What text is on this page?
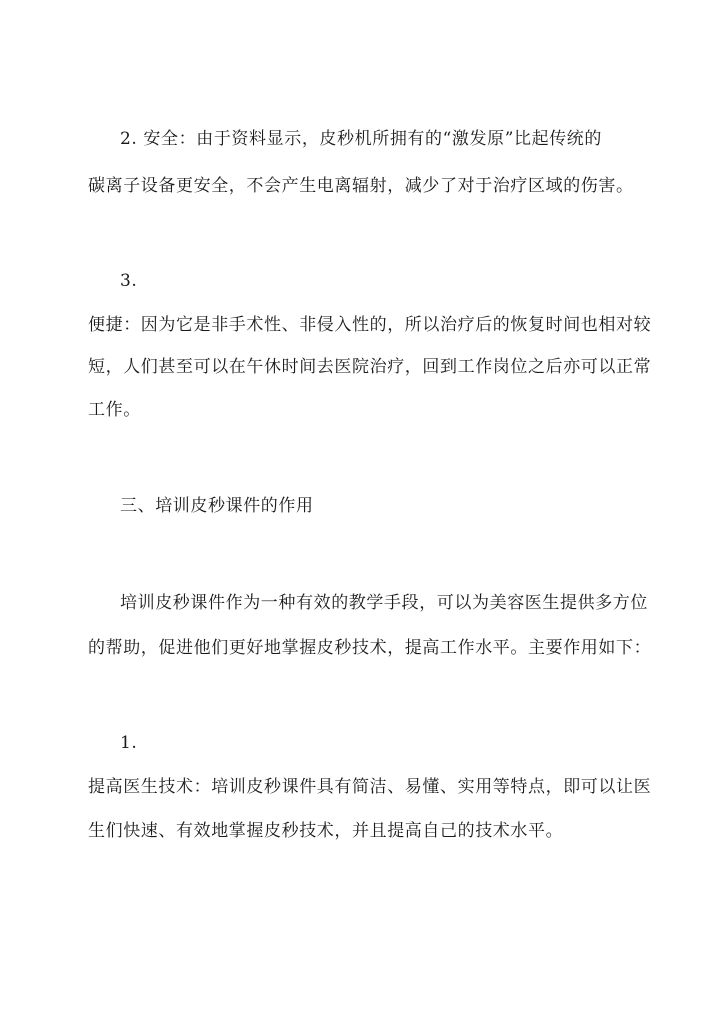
2. 安全：由于资料显示，皮秒机所拥有的“激发原”比起传统的
碳离子设备更安全，不会产生电离辐射，减少了对于治疗区域的伤害。
3.
便捷：因为它是非手术性、非侵入性的，所以治疗后的恢复时间也相对较
短，人们甚至可以在午休时间去医院治疗，回到工作岗位之后亦可以正常
工作。
三、培训皮秒课件的作用
培训皮秒课件作为一种有效的教学手段，可以为美容医生提供多方位
的帮助，促进他们更好地掌握皮秒技术，提高工作水平。主要作用如下：
1.
提高医生技术：培训皮秒课件具有简洁、易懂、实用等特点，即可以让医
生们快速、有效地掌握皮秒技术，并且提高自己的技术水平。
